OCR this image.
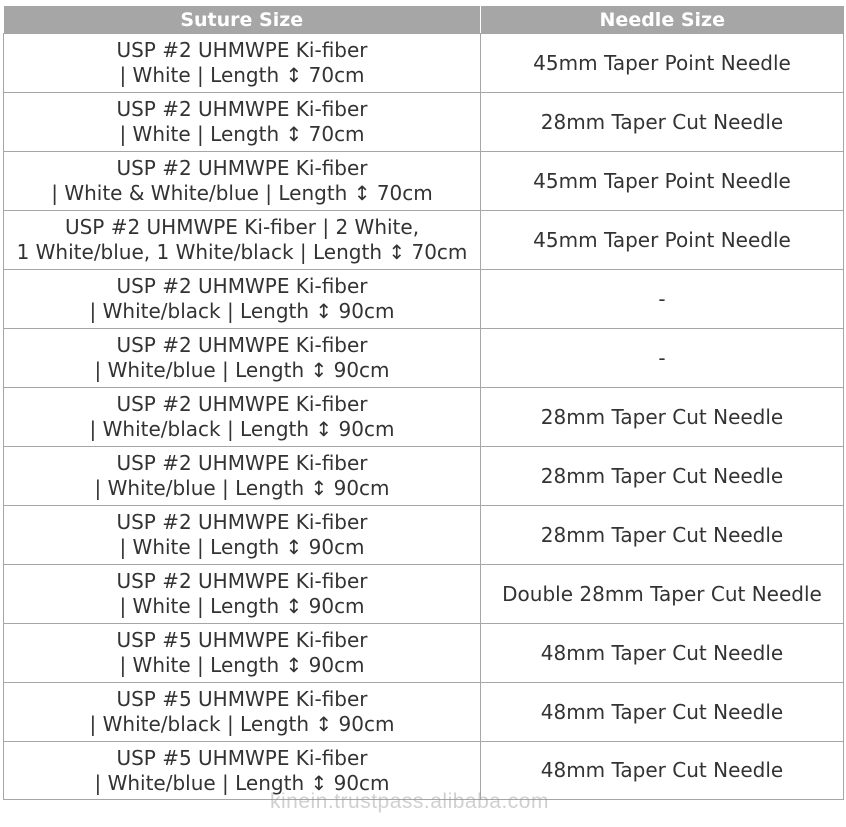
Suture Size	Needle Size

USP #2 UHMWPE Ki-fiber
| White | Length ↕ 70cm	45mm Taper Point Needle

USP #2 UHMWPE Ki-fiber
| White | Length ↕ 70cm	28mm Taper Cut Needle

USP #2 UHMWPE Ki-fiber
| White & White/blue | Length ↕ 70cm	45mm Taper Point Needle

USP #2 UHMWPE Ki-fiber | 2 White,
1 White/blue, 1 White/black | Length ↕ 70cm	45mm Taper Point Needle

USP #2 UHMWPE Ki-fiber
| White/black | Length ↕ 90cm	-

USP #2 UHMWPE Ki-fiber
| White/blue | Length ↕ 90cm	-

USP #2 UHMWPE Ki-fiber
| White/black | Length ↕ 90cm	28mm Taper Cut Needle

USP #2 UHMWPE Ki-fiber
| White/blue | Length ↕ 90cm	28mm Taper Cut Needle

USP #2 UHMWPE Ki-fiber
| White | Length ↕ 90cm	28mm Taper Cut Needle

USP #2 UHMWPE Ki-fiber
| White | Length ↕ 90cm	Double 28mm Taper Cut Needle

USP #5 UHMWPE Ki-fiber
| White | Length ↕ 90cm	48mm Taper Cut Needle

USP #5 UHMWPE Ki-fiber
| White/black | Length ↕ 90cm	48mm Taper Cut Needle

USP #5 UHMWPE Ki-fiber
| White/blue | Length ↕ 90cm	48mm Taper Cut Needle
kinein.trustpass.alibaba.com
